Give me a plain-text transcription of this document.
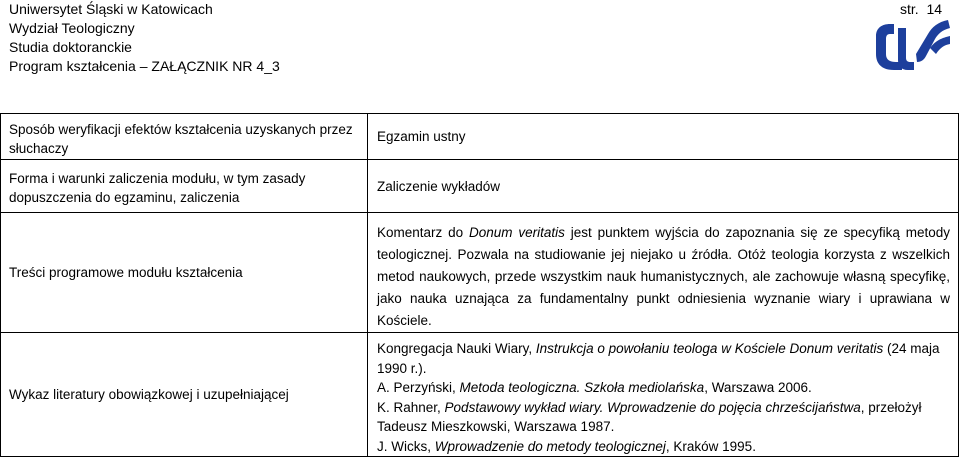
Uniwersytet Śląski w Katowicach
Wydział Teologiczny
Studia doktoranckie
Program kształcenia – ZAŁĄCZNIK NR 4_3
str. 14
Sposób weryfikacji efektów kształcenia uzyskanych przez słuchaczy	Egzamin ustny

Forma i warunki zaliczenia modułu, w tym zasady dopuszczenia do egzaminu, zaliczenia	Zaliczenie wykładów

Treści programowe modułu kształcenia	Komentarz do Donum veritatis jest punktem wyjścia do zapoznania się ze specyfiką metody teologicznej. Pozwala na studiowanie jej niejako u źródła. Otóż teologia korzysta z wszelkich metod naukowych, przede wszystkim nauk humanistycznych, ale zachowuje własną specyfikę, jako nauka uznająca za fundamentalny punkt odniesienia wyznanie wiary i uprawiana w Kościele.

Wykaz literatury obowiązkowej i uzupełniającej	Kongregacja Nauki Wiary, Instrukcja o powołaniu teologa w Kościele Donum veritatis (24 maja 1990 r.).
A. Perzyński, Metoda teologiczna. Szkoła mediolańska, Warszawa 2006.
K. Rahner, Podstawowy wykład wiary. Wprowadzenie do pojęcia chrześcijaństwa, przełożył Tadeusz Mieszkowski, Warszawa 1987.
J. Wicks, Wprowadzenie do metody teologicznej, Kraków 1995.
